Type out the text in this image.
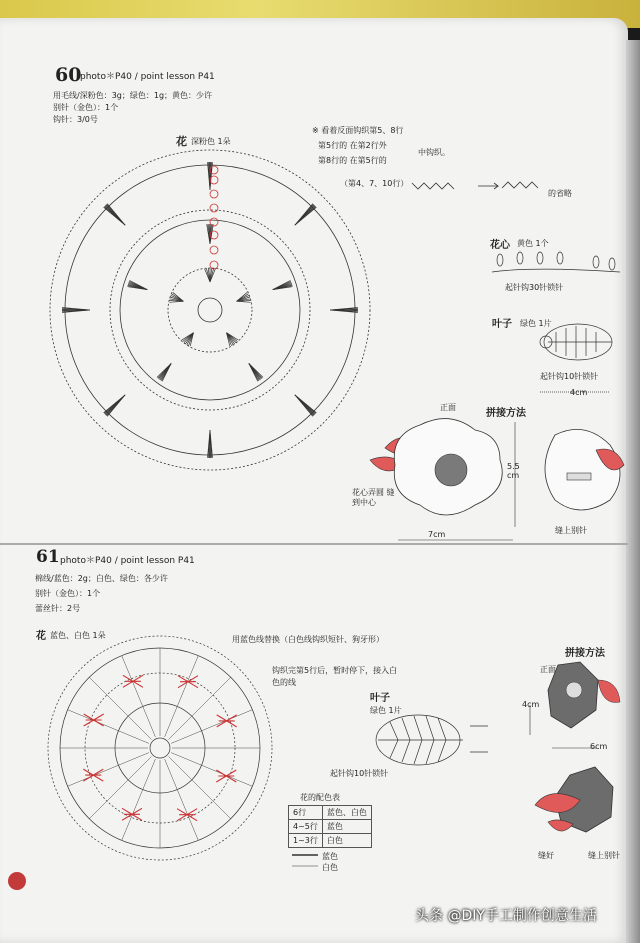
60
photo＊P40 / point lesson P41
用毛线/深粉色：3g；绿色：1g；黄色：少许
别针（金色）：1个
钩针：3/0号
花 深粉色 1朵
※ 看着反面钩织第5、8行
第5行的 在第2行外
第8行的 在第5行的
中钩织。
（第4、7、10行）
的省略
花心 黄色 1个
起针钩30针锁针
叶子 绿色 1片
起针钩10针锁针
4cm
拼接方法
正面
5.5 cm
7cm
花心弄圆 缝到中心
缝上别针
61 photo＊P40 / point lesson P41
棉线/蓝色：2g；白色、绿色：各少许
别针（金色）：1个
蕾丝针：2号
花 蓝色、白色 1朵	用蓝色线替换（白色线钩织短针、狗牙形）
钩织完第5行后，暂时停下，接入白色的线
叶子
绿色 1片
起针钩10针锁针
拼接方法
正面
4cm
6cm
缝好	缝上别针
花的配色表
6行	蓝色、白色
4~5行	蓝色
1~3行	白色
蓝色
白色
头条 @DIY手工制作创意生活
